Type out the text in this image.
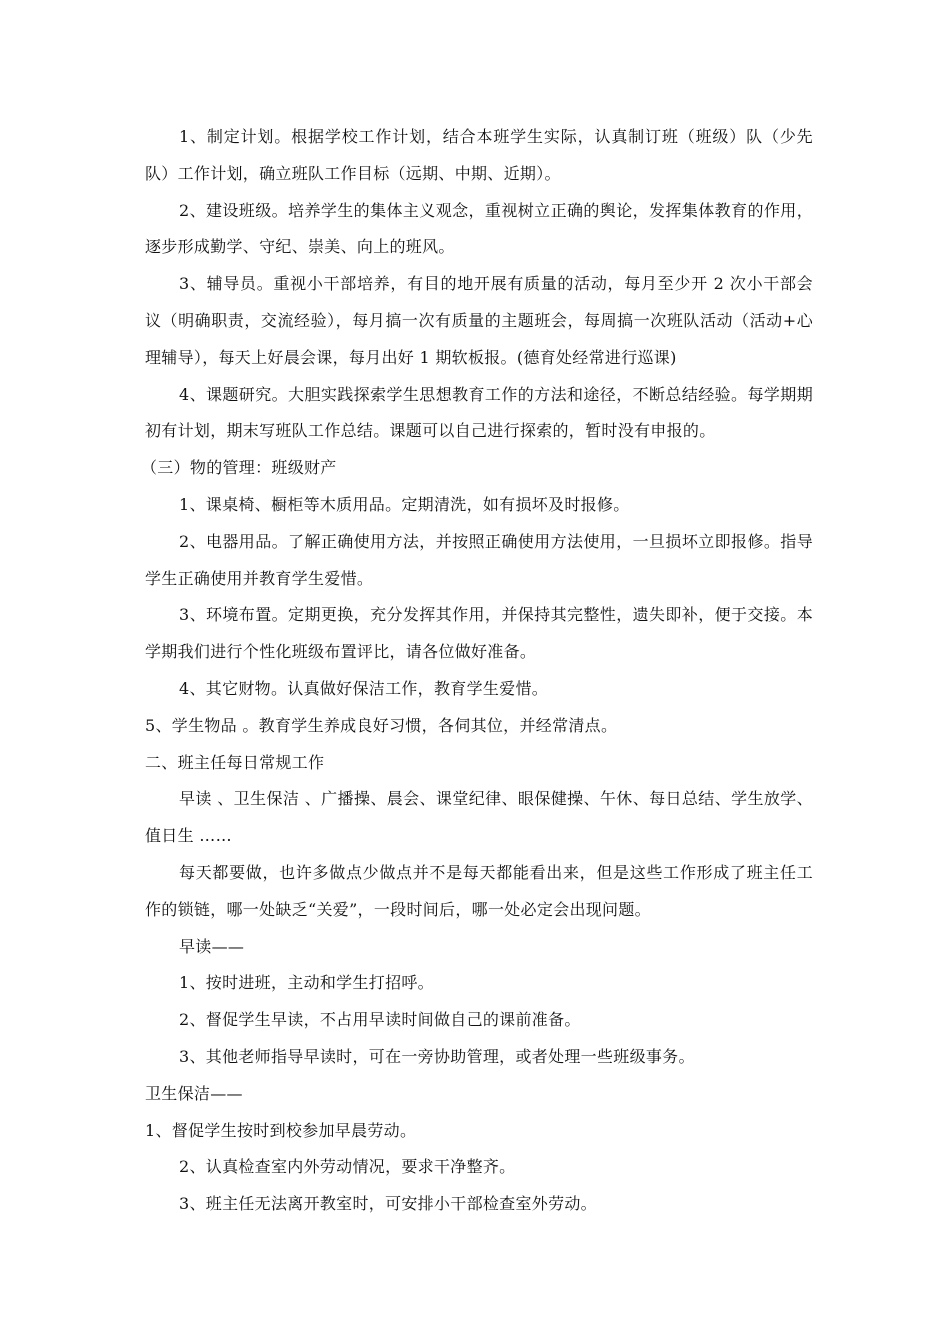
1、制定计划。根据学校工作计划，结合本班学生实际，认真制订班（班级）队（少先队）工作计划，确立班队工作目标（远期、中期、近期）。

2、建设班级。培养学生的集体主义观念，重视树立正确的舆论，发挥集体教育的作用，逐步形成勤学、守纪、崇美、向上的班风。

3、辅导员。重视小干部培养，有目的地开展有质量的活动，每月至少开 2 次小干部会议（明确职责，交流经验），每月搞一次有质量的主题班会，每周搞一次班队活动（活动+心理辅导），每天上好晨会课，每月出好 1 期软板报。(德育处经常进行巡课)

4、课题研究。大胆实践探索学生思想教育工作的方法和途径，不断总结经验。每学期期初有计划，期末写班队工作总结。课题可以自己进行探索的，暂时没有申报的。

（三）物的管理：班级财产

1、课桌椅、橱柜等木质用品。定期清洗，如有损坏及时报修。

2、电器用品。了解正确使用方法，并按照正确使用方法使用，一旦损坏立即报修。指导学生正确使用并教育学生爱惜。

3、环境布置。定期更换，充分发挥其作用，并保持其完整性，遗失即补，便于交接。本学期我们进行个性化班级布置评比，请各位做好准备。

4、其它财物。认真做好保洁工作，教育学生爱惜。

5、学生物品 。教育学生养成良好习惯，各伺其位，并经常清点。

二、班主任每日常规工作

早读 、卫生保洁 、广播操、晨会、课堂纪律、眼保健操、午休、每日总结、学生放学、值日生 ……

每天都要做，也许多做点少做点并不是每天都能看出来，但是这些工作形成了班主任工作的锁链，哪一处缺乏“关爱”，一段时间后，哪一处必定会出现问题。

早读——

1、按时进班，主动和学生打招呼。

2、督促学生早读，不占用早读时间做自己的课前准备。

3、其他老师指导早读时，可在一旁协助管理，或者处理一些班级事务。

卫生保洁——

1、督促学生按时到校参加早晨劳动。

2、认真检查室内外劳动情况，要求干净整齐。

3、班主任无法离开教室时，可安排小干部检查室外劳动。
